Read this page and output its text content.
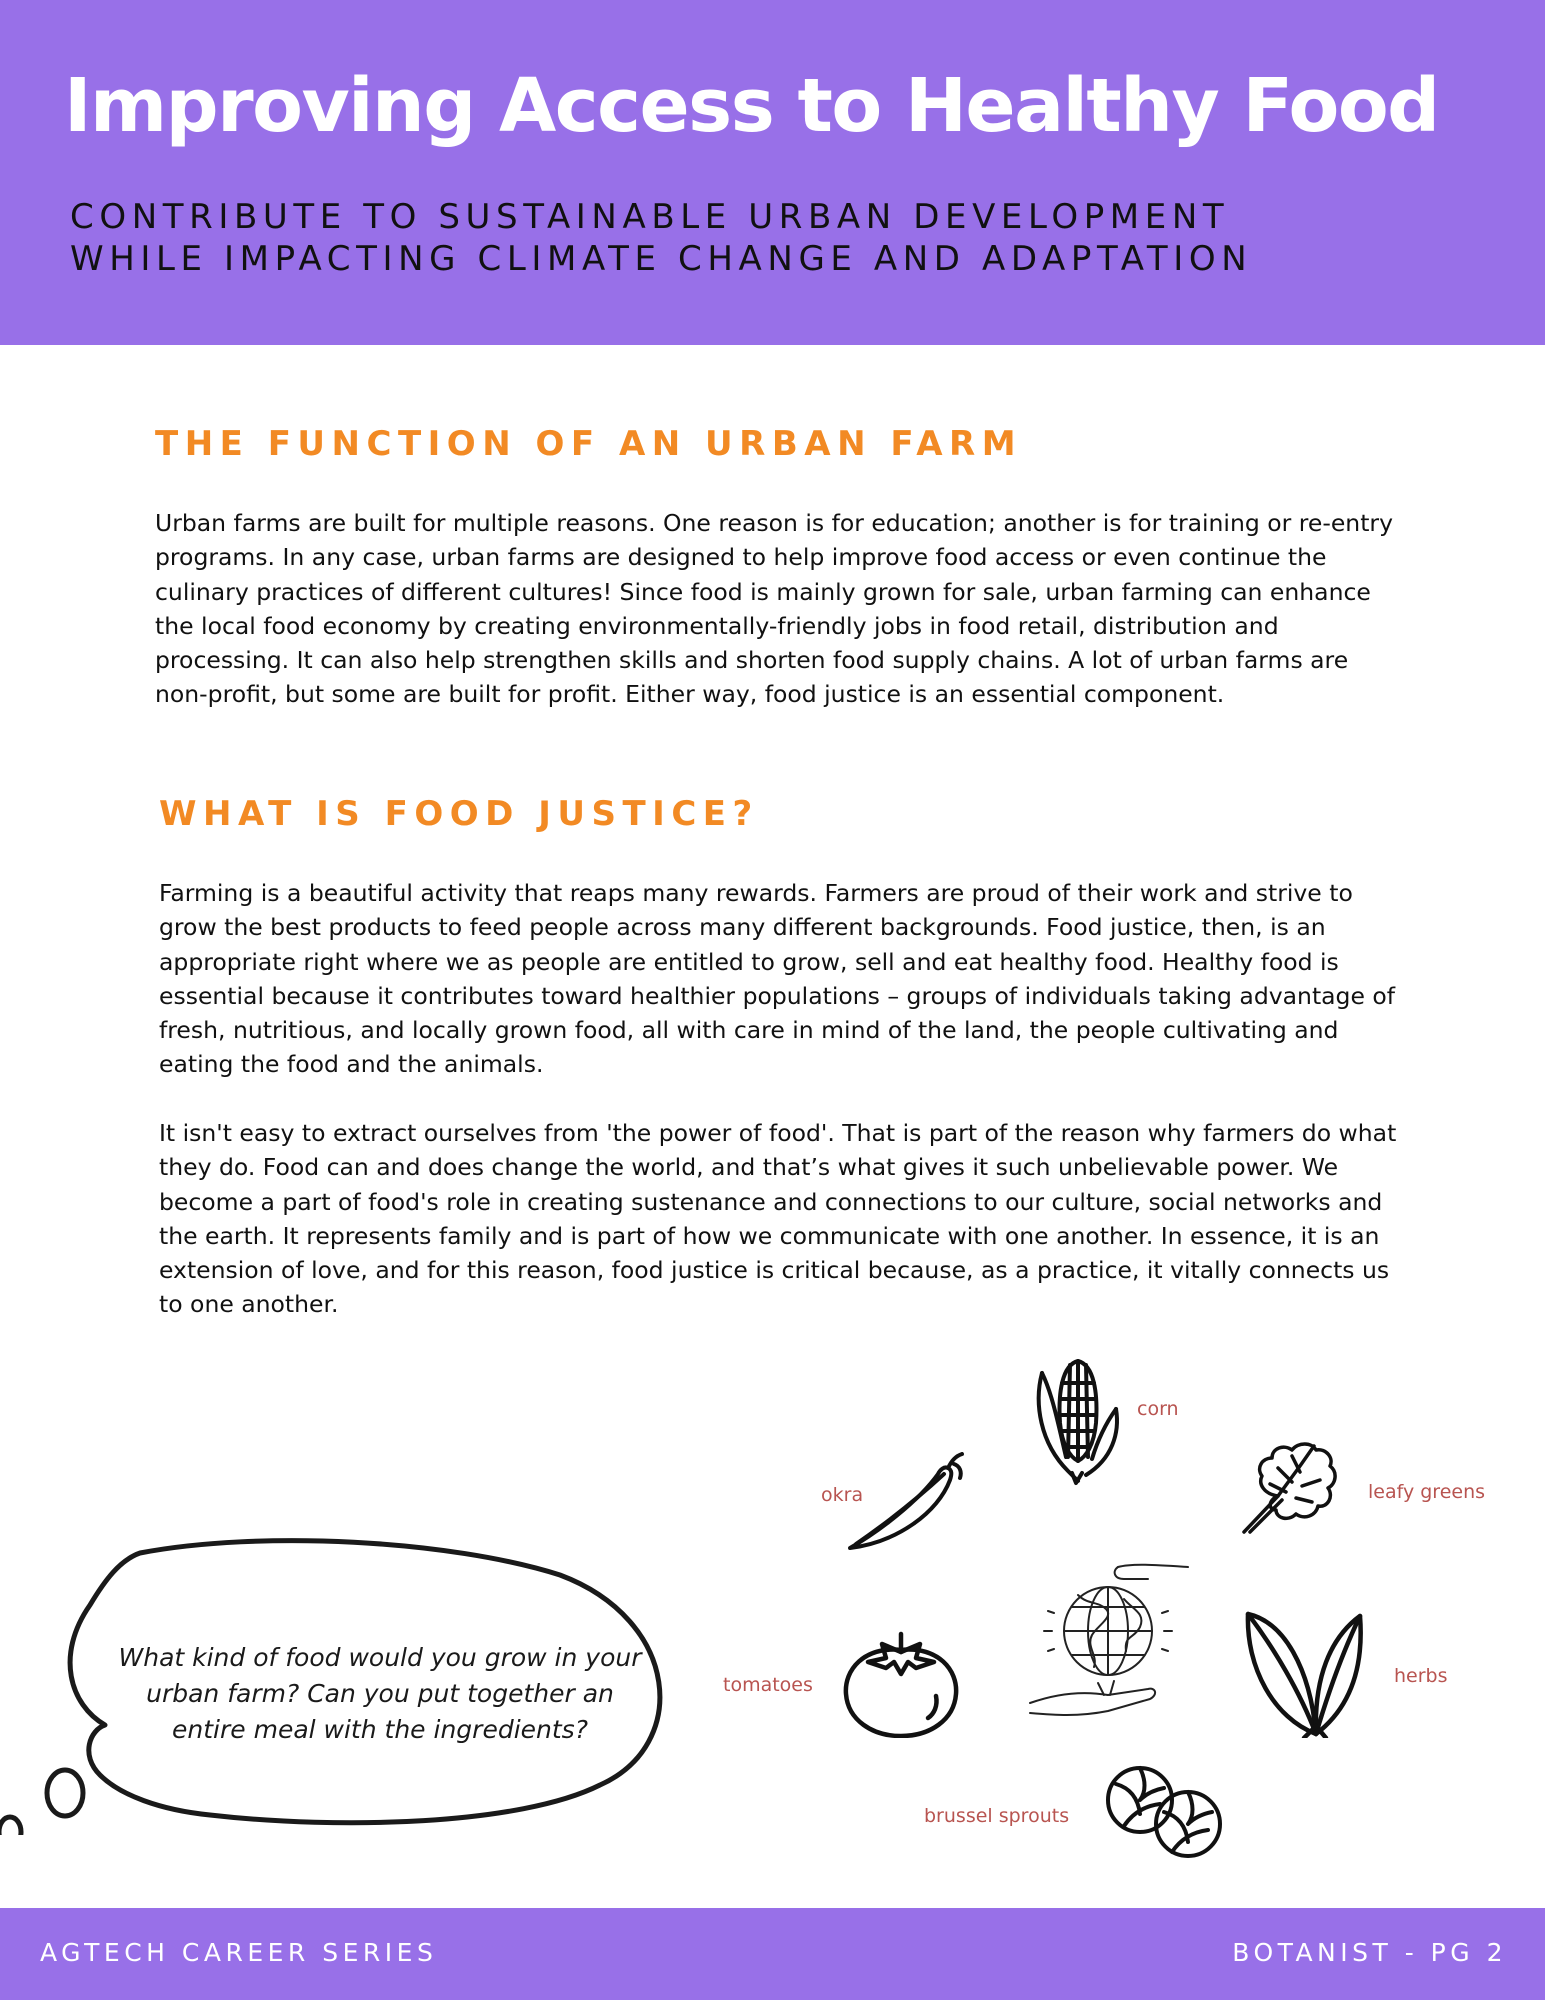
Improving Access to Healthy Food
CONTRIBUTE TO SUSTAINABLE URBAN DEVELOPMENT
WHILE IMPACTING CLIMATE CHANGE AND ADAPTATION
THE FUNCTION OF AN URBAN FARM
Urban farms are built for multiple reasons. One reason is for education; another is for training or re-entry programs. In any case, urban farms are designed to help improve food access or even continue the culinary practices of different cultures! Since food is mainly grown for sale, urban farming can enhance the local food economy by creating environmentally-friendly jobs in food retail, distribution and processing. It can also help strengthen skills and shorten food supply chains. A lot of urban farms are non-profit, but some are built for profit. Either way, food justice is an essential component.
WHAT IS FOOD JUSTICE?
Farming is a beautiful activity that reaps many rewards. Farmers are proud of their work and strive to grow the best products to feed people across many different backgrounds. Food justice, then, is an appropriate right where we as people are entitled to grow, sell and eat healthy food. Healthy food is essential because it contributes toward healthier populations – groups of individuals taking advantage of fresh, nutritious, and locally grown food, all with care in mind of the land, the people cultivating and eating the food and the animals.
It isn't easy to extract ourselves from 'the power of food'. That is part of the reason why farmers do what they do. Food can and does change the world, and that’s what gives it such unbelievable power. We become a part of food's role in creating sustenance and connections to our culture, social networks and the earth. It represents family and is part of how we communicate with one another. In essence, it is an extension of love, and for this reason, food justice is critical because, as a practice, it vitally connects us to one another.
What kind of food would you grow in your urban farm? Can you put together an entire meal with the ingredients?
corn
okra	leafy greens
tomatoes	herbs
brussel sprouts
AGTECH CAREER SERIES	BOTANIST - PG 2
